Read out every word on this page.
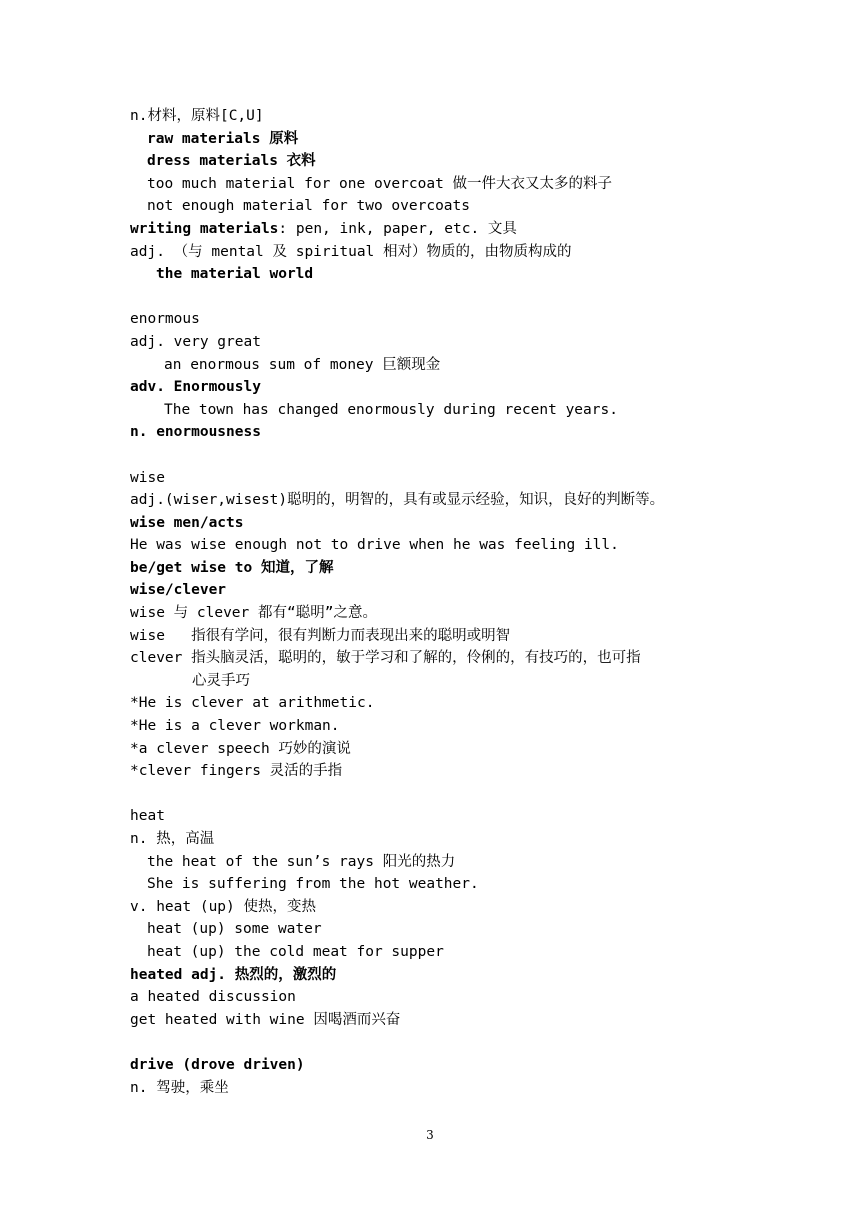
n.材料，原料[C,U]
raw materials 原料
dress materials 衣料
too much material for one overcoat 做一件大衣又太多的料子
not enough material for two overcoats
writing materials: pen, ink, paper, etc. 文具
adj. （与 mental 及 spiritual 相对）物质的，由物质构成的
the material world
enormous
adj. very great
an enormous sum of money 巨额现金
adv. Enormously
The town has changed enormously during recent years.
n. enormousness
wise
adj.(wiser,wisest)聪明的，明智的，具有或显示经验，知识，良好的判断等。
wise men/acts
He was wise enough not to drive when he was feeling ill.
be/get wise to 知道，了解
wise/clever
wise 与 clever 都有“聪明”之意。
wise   指很有学问，很有判断力而表现出来的聪明或明智
clever 指头脑灵活，聪明的，敏于学习和了解的，伶俐的，有技巧的，也可指
心灵手巧
*He is clever at arithmetic.
*He is a clever workman.
*a clever speech 巧妙的演说
*clever fingers 灵活的手指
heat
n. 热，高温
the heat of the sun’s rays 阳光的热力
She is suffering from the hot weather.
v. heat (up) 使热，变热
heat (up) some water
heat (up) the cold meat for supper
heated adj. 热烈的，激烈的
a heated discussion
get heated with wine 因喝酒而兴奋
drive (drove driven)
n. 驾驶，乘坐
3
